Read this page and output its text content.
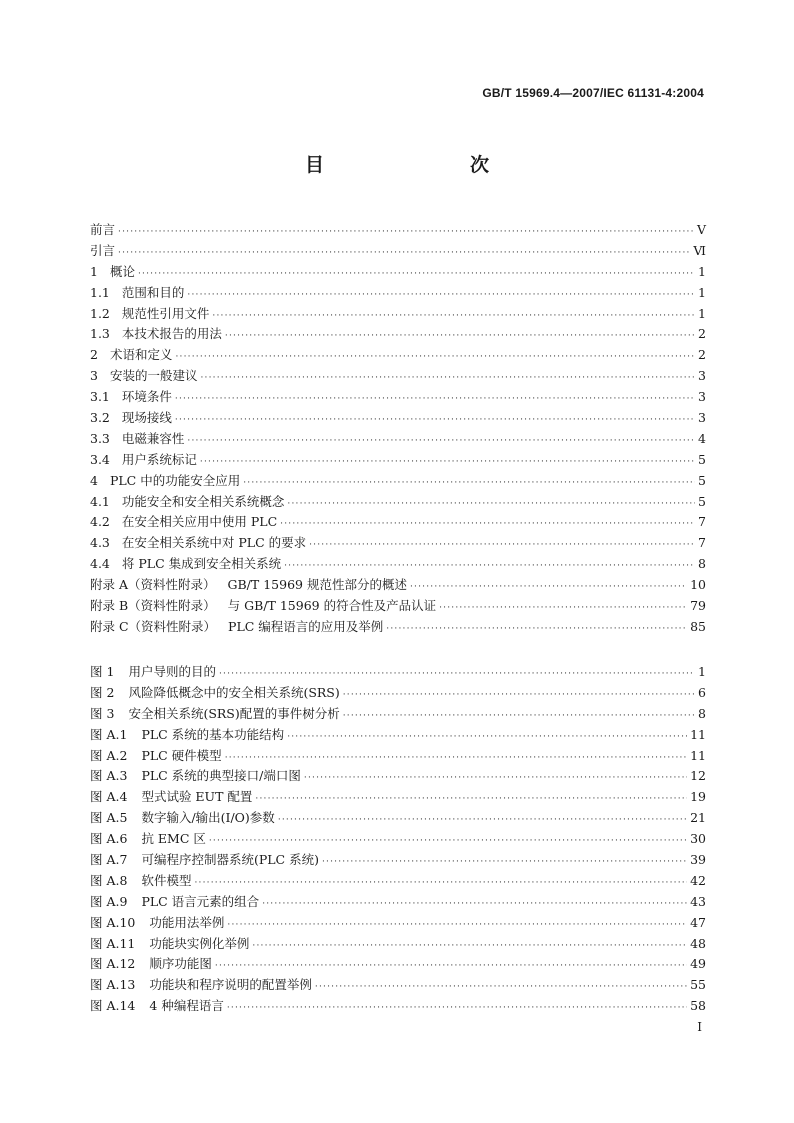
GB/T 15969.4—2007/IEC 61131-4:2004
目　　次
前言 ·····	Ⅴ
引言 ·····	Ⅵ
1 概论 ·····	1
1.1 范围和目的 ·····	1
1.2 规范性引用文件 ·····	1
1.3 本技术报告的用法 ·····	2
2 术语和定义 ·····	2
3 安装的一般建议 ·····	3
3.1 环境条件 ·····	3
3.2 现场接线 ·····	3
3.3 电磁兼容性 ·····	4
3.4 用户系统标记 ·····	5
4 PLC 中的功能安全应用 ·····	5
4.1 功能安全和安全相关系统概念 ·····	5
4.2 在安全相关应用中使用 PLC ·····	7
4.3 在安全相关系统中对 PLC 的要求 ·····	7
4.4 将 PLC 集成到安全相关系统 ·····	8
附录 A（资料性附录） GB/T 15969 规范性部分的概述 ·····	10
附录 B（资料性附录） 与 GB/T 15969 的符合性及产品认证 ·····	79
附录 C（资料性附录） PLC 编程语言的应用及举例 ·····	85
图 1 用户导则的目的 ·····	1
图 2 风险降低概念中的安全相关系统(SRS) ·····	6
图 3 安全相关系统(SRS)配置的事件树分析 ·····	8
图 A.1 PLC 系统的基本功能结构 ·····	11
图 A.2 PLC 硬件模型 ·····	11
图 A.3 PLC 系统的典型接口/端口图 ·····	12
图 A.4 型式试验 EUT 配置 ·····	19
图 A.5 数字输入/输出(I/O)参数 ·····	21
图 A.6 抗 EMC 区 ·····	30
图 A.7 可编程序控制器系统(PLC 系统) ·····	39
图 A.8 软件模型 ·····	42
图 A.9 PLC 语言元素的组合 ·····	43
图 A.10 功能用法举例 ·····	47
图 A.11 功能块实例化举例 ·····	48
图 A.12 顺序功能图 ·····	49
图 A.13 功能块和程序说明的配置举例 ·····	55
图 A.14 4 种编程语言 ·····	58
Ⅰ
